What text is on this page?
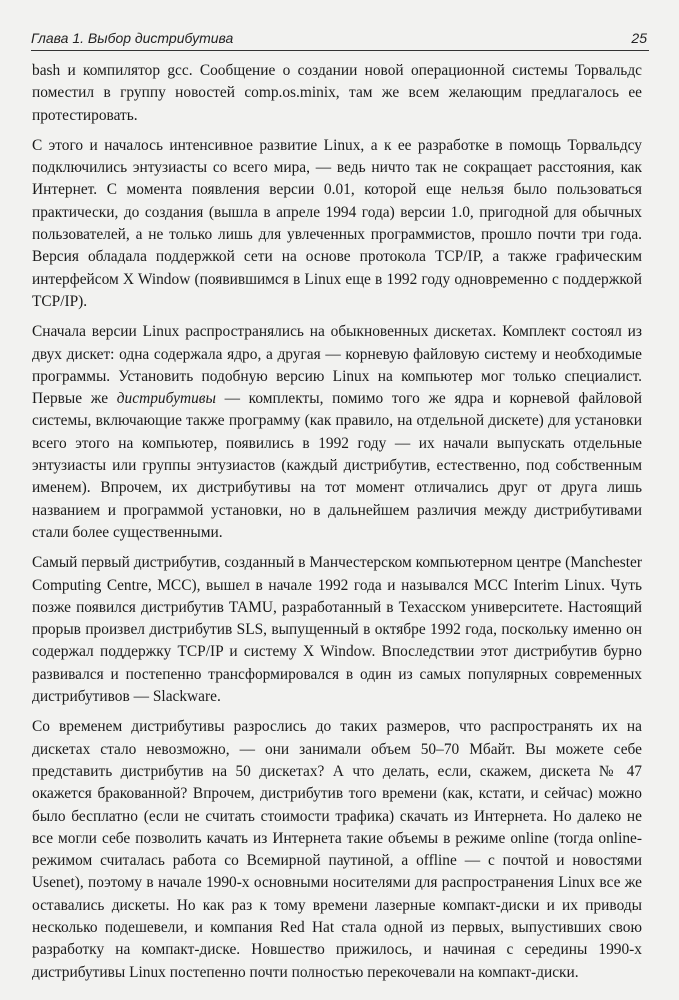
Глава 1. Выбор дистрибутива	25

bash и компилятор gcc. Сообщение о создании новой операционной системы Торвальдс поместил в группу новостей comp.os.minix, там же всем желающим предлагалось ее протестировать.

С этого и началось интенсивное развитие Linux, а к ее разработке в помощь Торвальдсу подключились энтузиасты со всего мира, — ведь ничто так не сокращает расстояния, как Интернет. С момента появления версии 0.01, которой еще нельзя было пользоваться практически, до создания (вышла в апреле 1994 года) версии 1.0, пригодной для обычных пользователей, а не только лишь для увлеченных программистов, прошло почти три года. Версия обладала поддержкой сети на основе протокола TCP/IP, а также графическим интерфейсом X Window (появившимся в Linux еще в 1992 году одновременно с поддержкой TCP/IP).

Сначала версии Linux распространялись на обыкновенных дискетах. Комплект состоял из двух дискет: одна содержала ядро, а другая — корневую файловую систему и необходимые программы. Установить подобную версию Linux на компьютер мог только специалист. Первые же дистрибутивы — комплекты, помимо того же ядра и корневой файловой системы, включающие также программу (как правило, на отдельной дискете) для установки всего этого на компьютер, появились в 1992 году — их начали выпускать отдельные энтузиасты или группы энтузиастов (каждый дистрибутив, естественно, под собственным именем). Впрочем, их дистрибутивы на тот момент отличались друг от друга лишь названием и программой установки, но в дальнейшем различия между дистрибутивами стали более существенными.

Самый первый дистрибутив, созданный в Манчестерском компьютерном центре (Manchester Computing Centre, MCC), вышел в начале 1992 года и назывался MCC Interim Linux. Чуть позже появился дистрибутив TAMU, разработанный в Техасском университете. Настоящий прорыв произвел дистрибутив SLS, выпущенный в октябре 1992 года, поскольку именно он содержал поддержку TCP/IP и систему X Window. Впоследствии этот дистрибутив бурно развивался и постепенно трансформировался в один из самых популярных современных дистрибутивов — Slackware.

Со временем дистрибутивы разрослись до таких размеров, что распространять их на дискетах стало невозможно, — они занимали объем 50–70 Мбайт. Вы можете себе представить дистрибутив на 50 дискетах? А что делать, если, скажем, дискета № 47 окажется бракованной? Впрочем, дистрибутив того времени (как, кстати, и сейчас) можно было бесплатно (если не считать стоимости трафика) скачать из Интернета. Но далеко не все могли себе позволить качать из Интернета такие объемы в режиме online (тогда online-режимом считалась работа со Всемирной паутиной, а offline — с почтой и новостями Usenet), поэтому в начале 1990-х основными носителями для распространения Linux все же оставались дискеты. Но как раз к тому времени лазерные компакт-диски и их приводы несколько подешевели, и компания Red Hat стала одной из первых, выпустивших свою разработку на компакт-диске. Новшество прижилось, и начиная с середины 1990-х дистрибутивы Linux постепенно почти полностью перекочевали на компакт-диски.
